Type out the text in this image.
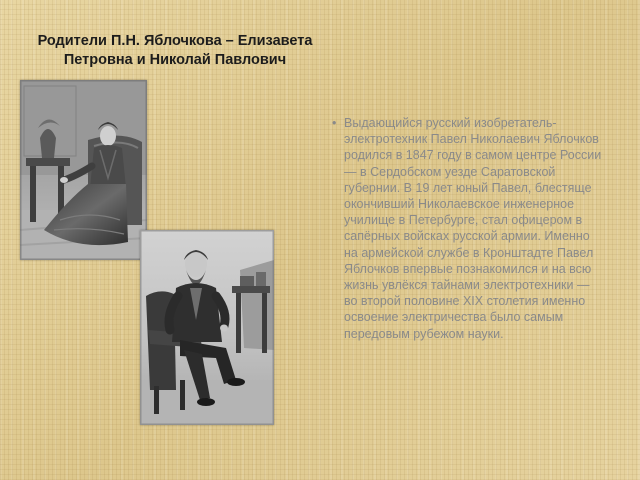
Родители П.Н. Яблочкова – Елизавета Петровна и Николай Павлович
• Выдающийся русский изобретатель-электротехник Павел Николаевич Яблочков родился в 1847 году в самом центре России — в Сердобском уезде Саратовской губернии. В 19 лет юный Павел, блестяще окончивший Николаевское инженерное училище в Петербурге, стал офицером в сапёрных войсках русской армии. Именно на армейской службе в Кронштадте Павел Яблочков впервые познакомился и на всю жизнь увлёкся тайнами электротехники — во второй половине XIX столетия именно освоение электричества было самым передовым рубежом науки.
